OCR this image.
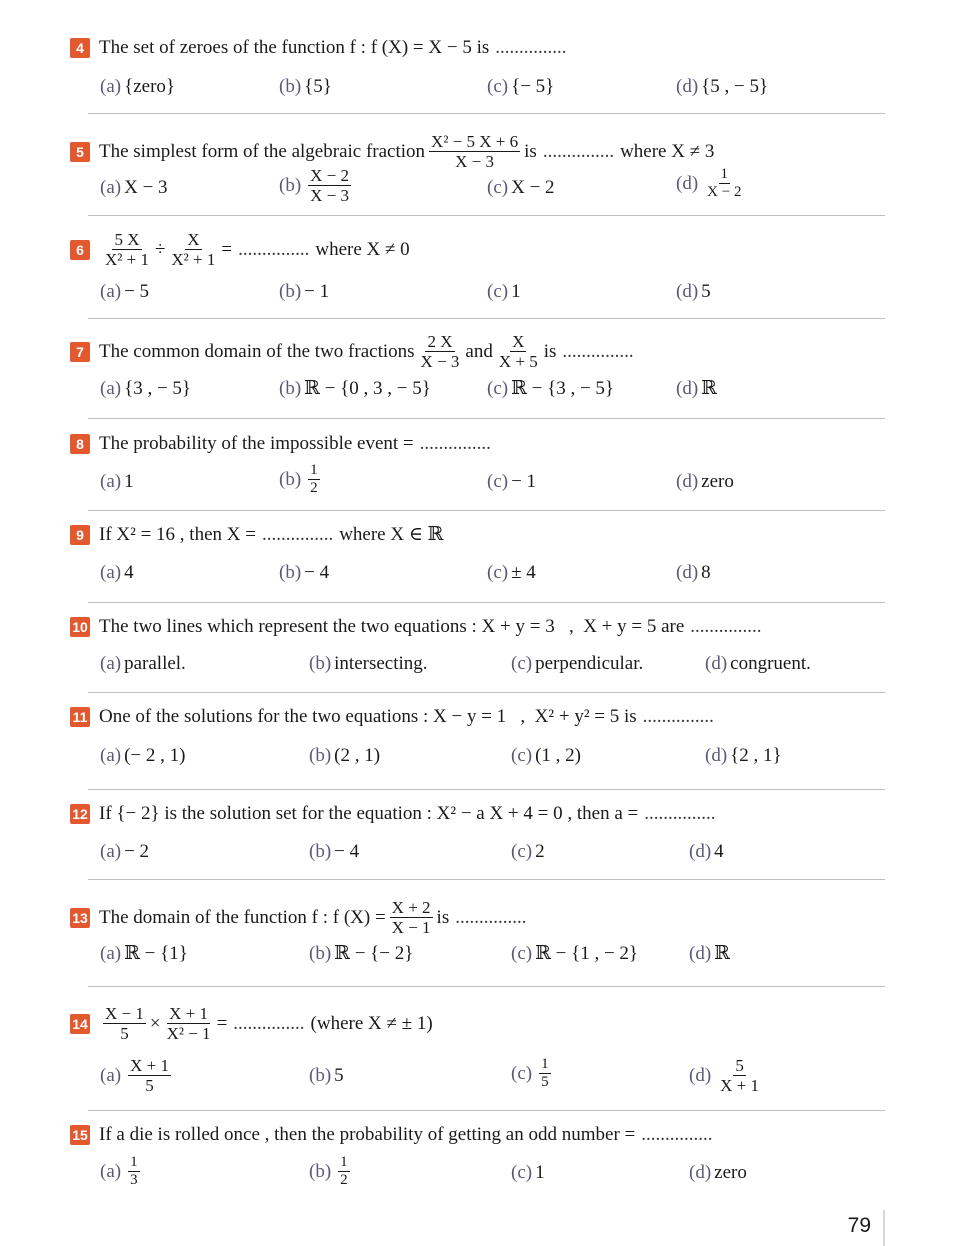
4 The set of zeroes of the function
f : f (X) = X − 5 is ...............
(a) {zero}	(b) {5}	(c) {− 5}	(d) {5 , − 5}
5 The simplest form of the algebraic fraction $\frac{\text{X² − 5 X + 6}}{X - 3}$ is ............... where X ≠ 3
(a) X − 3	$(b) \frac{X - 2}{X - 3}$	(c) X − 2	$(d) \frac{1}{X - 2}$
6	$\frac{5 X}{\text{X² + 1}} \div \frac{X}{\text{X² + 1}}$ = ............... where X ≠ 0
(a) − 5	(b) − 1	(c) 1	(d) 5
7 The common domain of the two fractions $\frac{2 X}{X - 3}$ and $\frac{X}{X + 5}$ is ...............
(a) {3 , − 5}	(b) ℝ − {0 , 3 , − 5}	(c) ℝ − {3 , − 5}	(d) ℝ
8 The probability of the impossible event = ...............
(a) 1	$(b) \frac{1}{2}$	(c) − 1	(d) zero
9 If X² = 16 , then X = ............... where X ∈ ℝ
(a) 4	(b) − 4	(c) ± 4	(d) 8
10 The two lines which represent the two equations : X + y = 3   ,  X + y = 5 are ...............
(a) parallel.	(b) intersecting.	(c) perpendicular.	(d) congruent.
11 One of the solutions for the two equations : X − y = 1   ,  X² + y² = 5 is ...............
(a) (− 2 , 1)	(b) (2 , 1)	(c) (1 , 2)	(d) {2 , 1}
12 If {− 2} is the solution set for the equation : X² − a X + 4 = 0 , then a = ...............
(a) − 2	(b) − 4	(c) 2	(d) 4
13 The domain of the function f : f $(X) = \frac{X + 2}{X - 1}$ is ...............
(a) ℝ − {1}	(b) ℝ − {− 2}	(c) ℝ − {1 , − 2}	(d) ℝ
$14 \frac{X - 1}{5} \times \frac{X + 1}{\text{X² − 1}}$ = ............... (where X ≠ ± 1)
$(a) \frac{X + 1}{5}$	(b) 5	$(c) \frac{1}{5}$	$(d) \frac{5}{X + 1}$
15 If a die is rolled once , then the probability of getting an odd number = ...............
$(a) \frac{1}{3}$	$(b) \frac{1}{2}$	(c) 1	(d) zero
79
